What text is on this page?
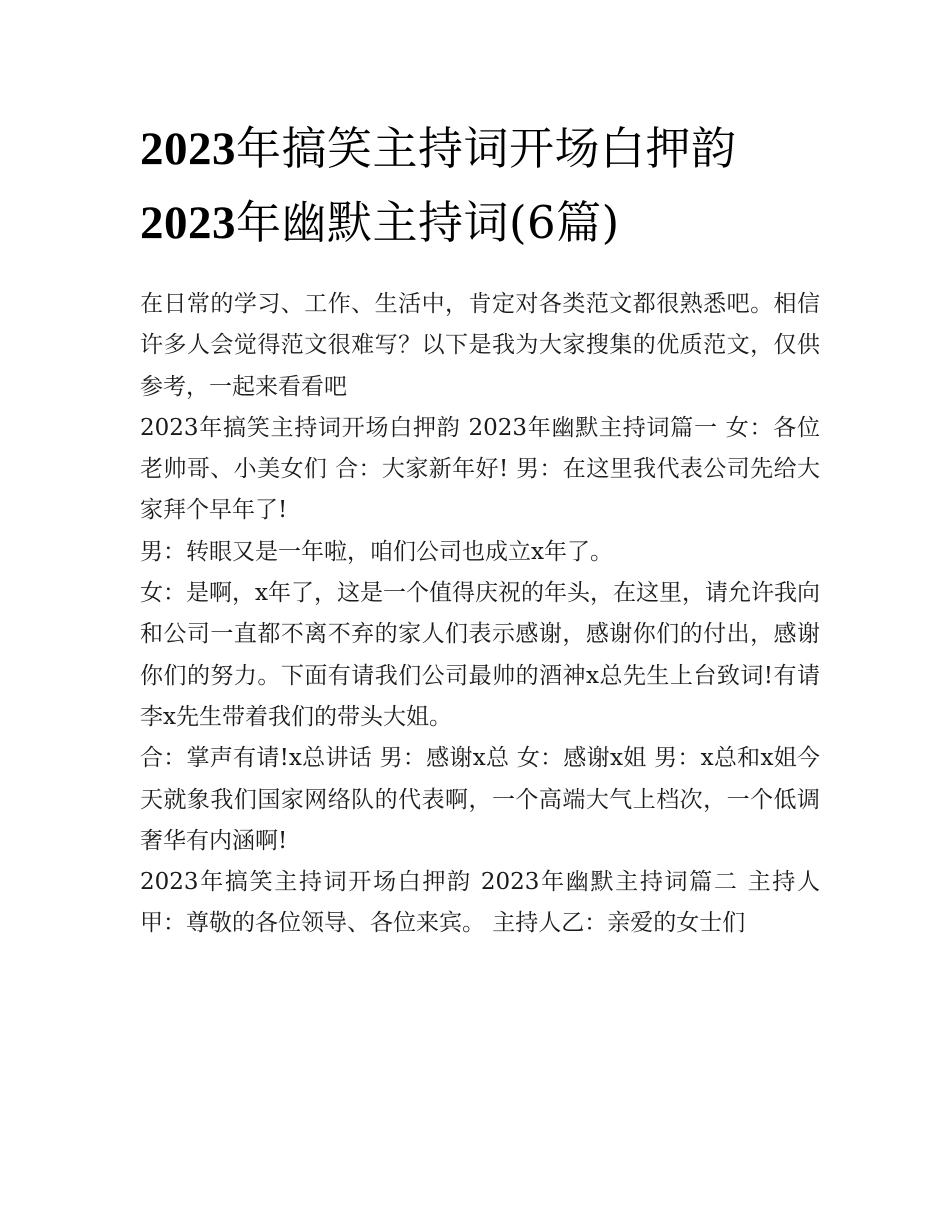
2023年搞笑主持词开场白押韵
2023年幽默主持词(6篇)

在日常的学习、工作、生活中，肯定对各类范文都很熟悉吧。相信许多人会觉得范文很难写？以下是我为大家搜集的优质范文，仅供参考，一起来看看吧

2023年搞笑主持词开场白押韵 2023年幽默主持词篇一 女：各位老帅哥、小美女们 合：大家新年好! 男：在这里我代表公司先给大家拜个早年了!

男：转眼又是一年啦，咱们公司也成立x年了。

女：是啊，x年了，这是一个值得庆祝的年头，在这里，请允许我向和公司一直都不离不弃的家人们表示感谢，感谢你们的付出，感谢你们的努力。下面有请我们公司最帅的酒神x总先生上台致词!有请李x先生带着我们的带头大姐。

合：掌声有请!x总讲话 男：感谢x总 女：感谢x姐 男：x总和x姐今天就象我们国家网络队的代表啊，一个高端大气上档次，一个低调奢华有内涵啊!

2023年搞笑主持词开场白押韵 2023年幽默主持词篇二 主持人甲：尊敬的各位领导、各位来宾。 主持人乙：亲爱的女士们
